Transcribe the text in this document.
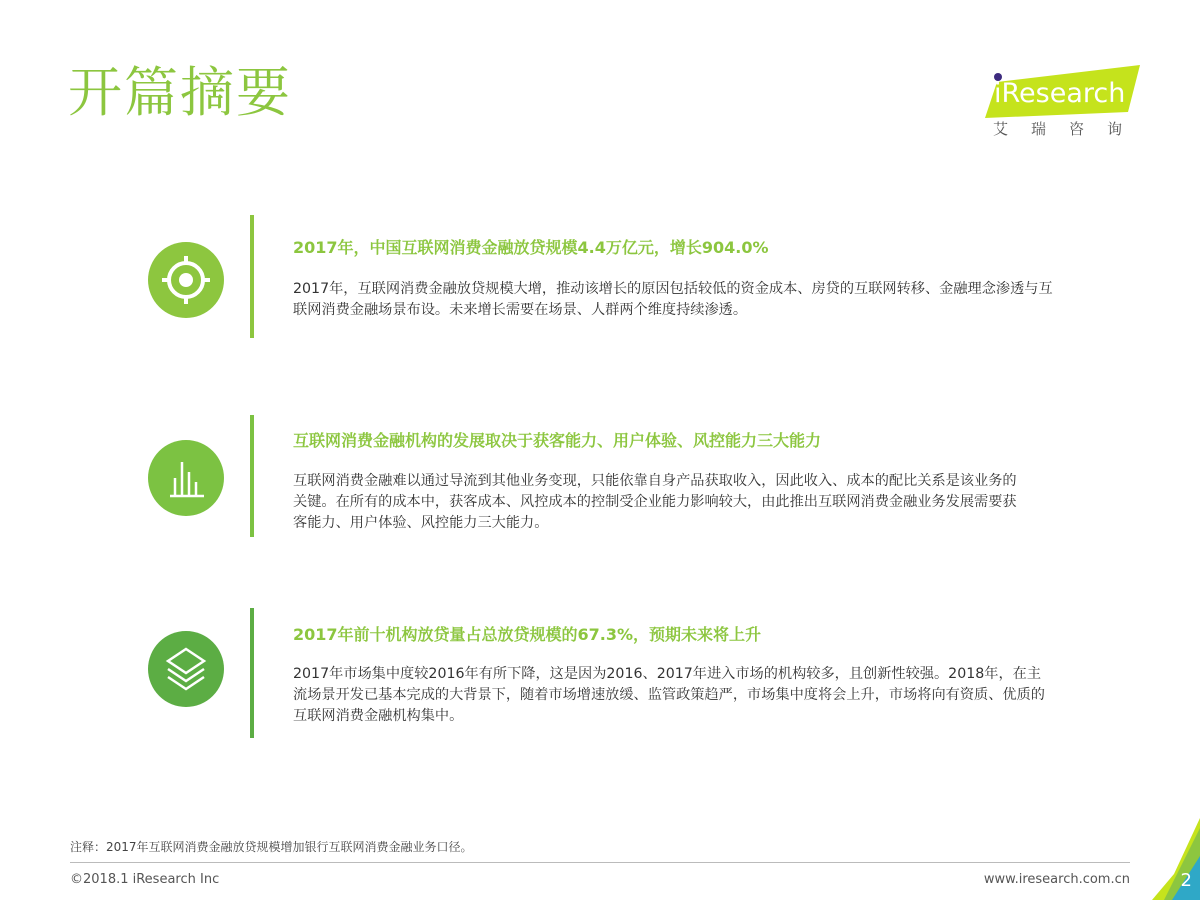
开篇摘要	iResearch
艾瑞咨询
2017年，中国互联网消费金融放贷规模4.4万亿元，增长904.0%
2017年，互联网消费金融放贷规模大增，推动该增长的原因包括较低的资金成本、房贷的互联网转移、金融理念渗透与互联网消费金融场景布设。未来增长需要在场景、人群两个维度持续渗透。
互联网消费金融机构的发展取决于获客能力、用户体验、风控能力三大能力
互联网消费金融难以通过导流到其他业务变现，只能依靠自身产品获取收入，因此收入、成本的配比关系是该业务的关键。在所有的成本中，获客成本、风控成本的控制受企业能力影响较大，由此推出互联网消费金融业务发展需要获客能力、用户体验、风控能力三大能力。
2017年前十机构放贷量占总放贷规模的67.3%，预期未来将上升
2017年市场集中度较2016年有所下降，这是因为2016、2017年进入市场的机构较多，且创新性较强。2018年，在主流场景开发已基本完成的大背景下，随着市场增速放缓、监管政策趋严，市场集中度将会上升，市场将向有资质、优质的互联网消费金融机构集中。
注释：2017年互联网消费金融放贷规模增加银行互联网消费金融业务口径。
©2018.1 iResearch Inc	www.iresearch.com.cn	2
